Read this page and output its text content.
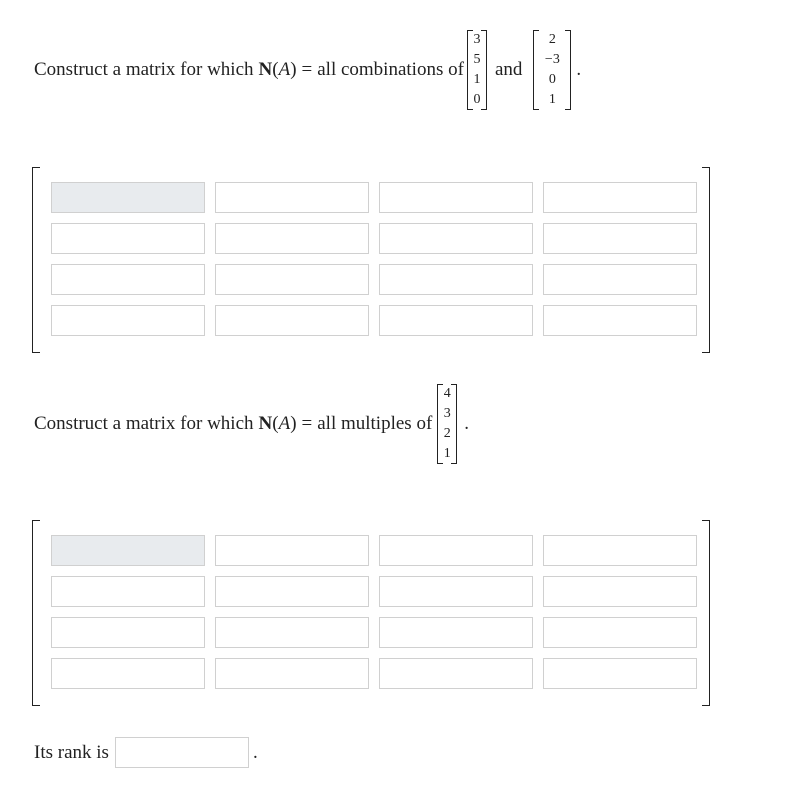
Construct a matrix for which N ( A ) = all combinations of
3
5
1
0
and
2
−3
0
1
.
Construct a matrix for which N ( A ) = all multiples of
4
3
2
1
.
Its rank is	.
